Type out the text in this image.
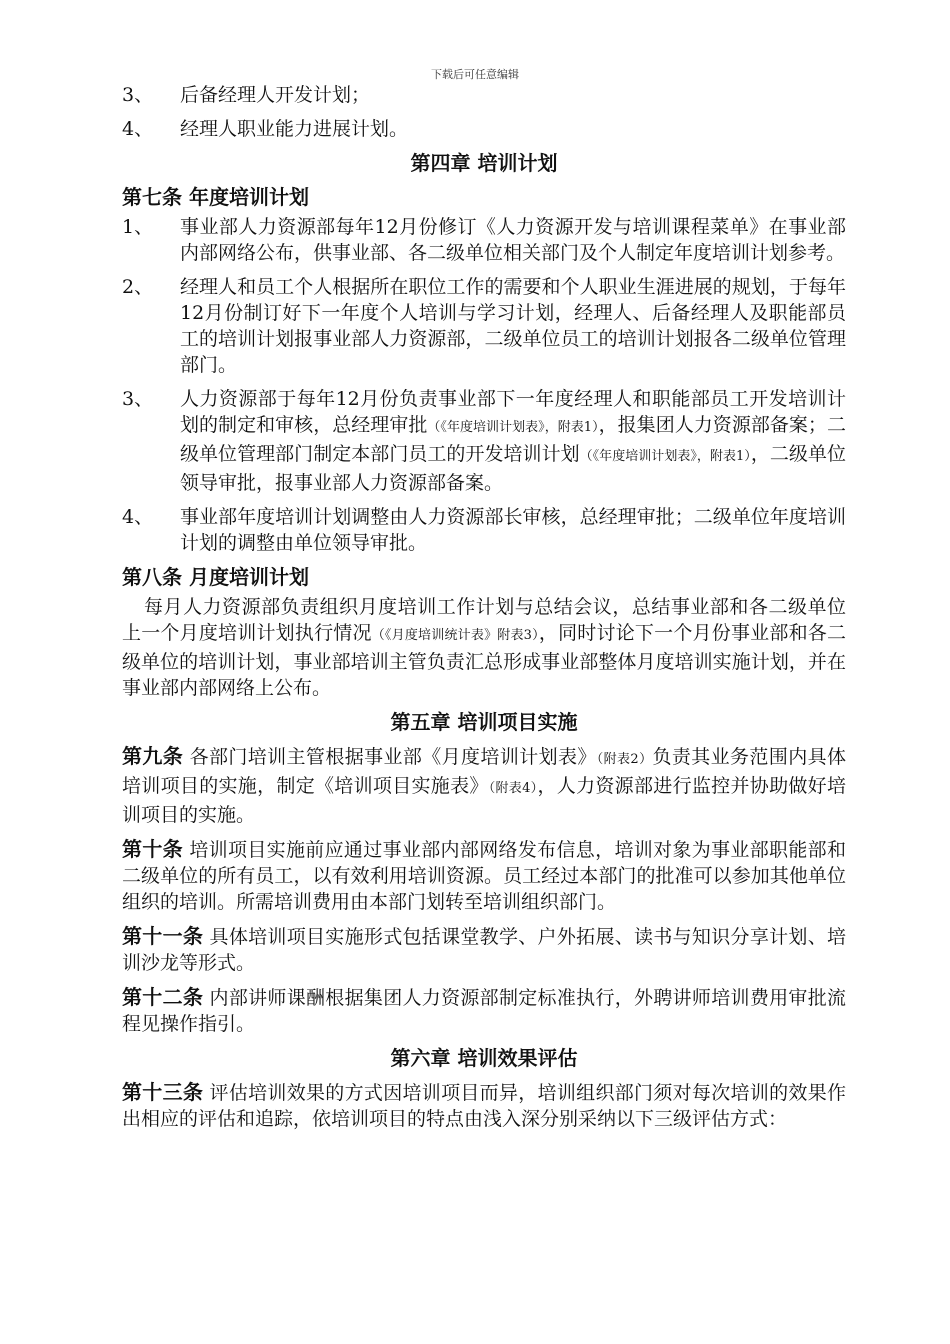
下载后可任意编辑
3、	后备经理人开发计划；
4、	经理人职业能力进展计划。
第四章 培训计划
第七条 年度培训计划
1、	事业部人力资源部每年12月份修订《人力资源开发与培训课程菜单》在事业部内部网络公布，供事业部、各二级单位相关部门及个人制定年度培训计划参考。
2、	经理人和员工个人根据所在职位工作的需要和个人职业生涯进展的规划，于每年12月份制订好下一年度个人培训与学习计划，经理人、后备经理人及职能部员工的培训计划报事业部人力资源部，二级单位员工的培训计划报各二级单位管理部门。
3、	人力资源部于每年12月份负责事业部下一年度经理人和职能部员工开发培训计划的制定和审核，总经理审批（《年度培训计划表》，附表1），报集团人力资源部备案；二级单位管理部门制定本部门员工的开发培训计划（《年度培训计划表》，附表1），二级单位领导审批，报事业部人力资源部备案。
4、	事业部年度培训计划调整由人力资源部长审核，总经理审批；二级单位年度培训计划的调整由单位领导审批。
第八条 月度培训计划
每月人力资源部负责组织月度培训工作计划与总结会议，总结事业部和各二级单位上一个月度培训计划执行情况（《月度培训统计表》附表3），同时讨论下一个月份事业部和各二级单位的培训计划，事业部培训主管负责汇总形成事业部整体月度培训实施计划，并在事业部内部网络上公布。
第五章 培训项目实施
第九条 各部门培训主管根据事业部《月度培训计划表》（附表2）负责其业务范围内具体培训项目的实施，制定《培训项目实施表》（附表4），人力资源部进行监控并协助做好培训项目的实施。
第十条 培训项目实施前应通过事业部内部网络发布信息，培训对象为事业部职能部和二级单位的所有员工，以有效利用培训资源。员工经过本部门的批准可以参加其他单位组织的培训。所需培训费用由本部门划转至培训组织部门。
第十一条 具体培训项目实施形式包括课堂教学、户外拓展、读书与知识分享计划、培训沙龙等形式。
第十二条 内部讲师课酬根据集团人力资源部制定标准执行，外聘讲师培训费用审批流程见操作指引。
第六章 培训效果评估
第十三条 评估培训效果的方式因培训项目而异，培训组织部门须对每次培训的效果作出相应的评估和追踪，依培训项目的特点由浅入深分别采纳以下三级评估方式：
